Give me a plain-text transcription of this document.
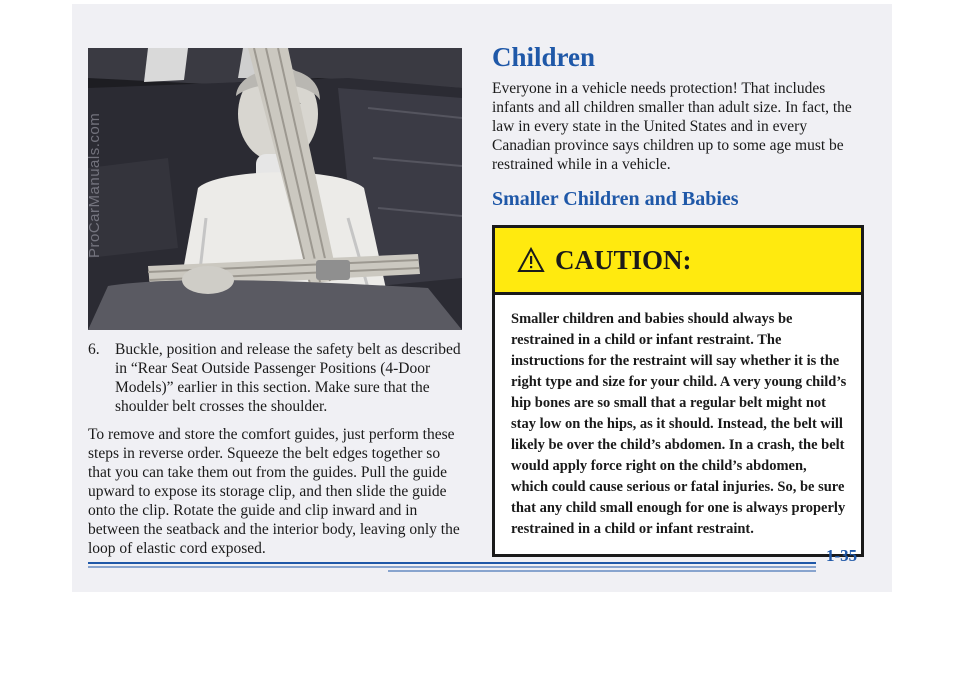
ProCarManuals.com
6. Buckle, position and release the safety belt as described in “Rear Seat Outside Passenger Positions (4-Door Models)” earlier in this section. Make sure that the shoulder belt crosses the shoulder.

To remove and store the comfort guides, just perform these steps in reverse order. Squeeze the belt edges together so that you can take them out from the guides. Pull the guide upward to expose its storage clip, and then slide the guide onto the clip. Rotate the guide and clip inward and in between the seatback and the interior body, leaving only the loop of elastic cord exposed.

Children

Everyone in a vehicle needs protection! That includes infants and all children smaller than adult size. In fact, the law in every state in the United States and in every Canadian province says children up to some age must be restrained while in a vehicle.

Smaller Children and Babies
CAUTION:
Smaller children and babies should always be restrained in a child or infant restraint. The instructions for the restraint will say whether it is the right type and size for your child. A very young child’s hip bones are so small that a regular belt might not stay low on the hips, as it should. Instead, the belt will likely be over the child’s abdomen. In a crash, the belt would apply force right on the child’s abdomen, which could cause serious or fatal injuries. So, be sure that any child small enough for one is always properly restrained in a child or infant restraint.
1-35
